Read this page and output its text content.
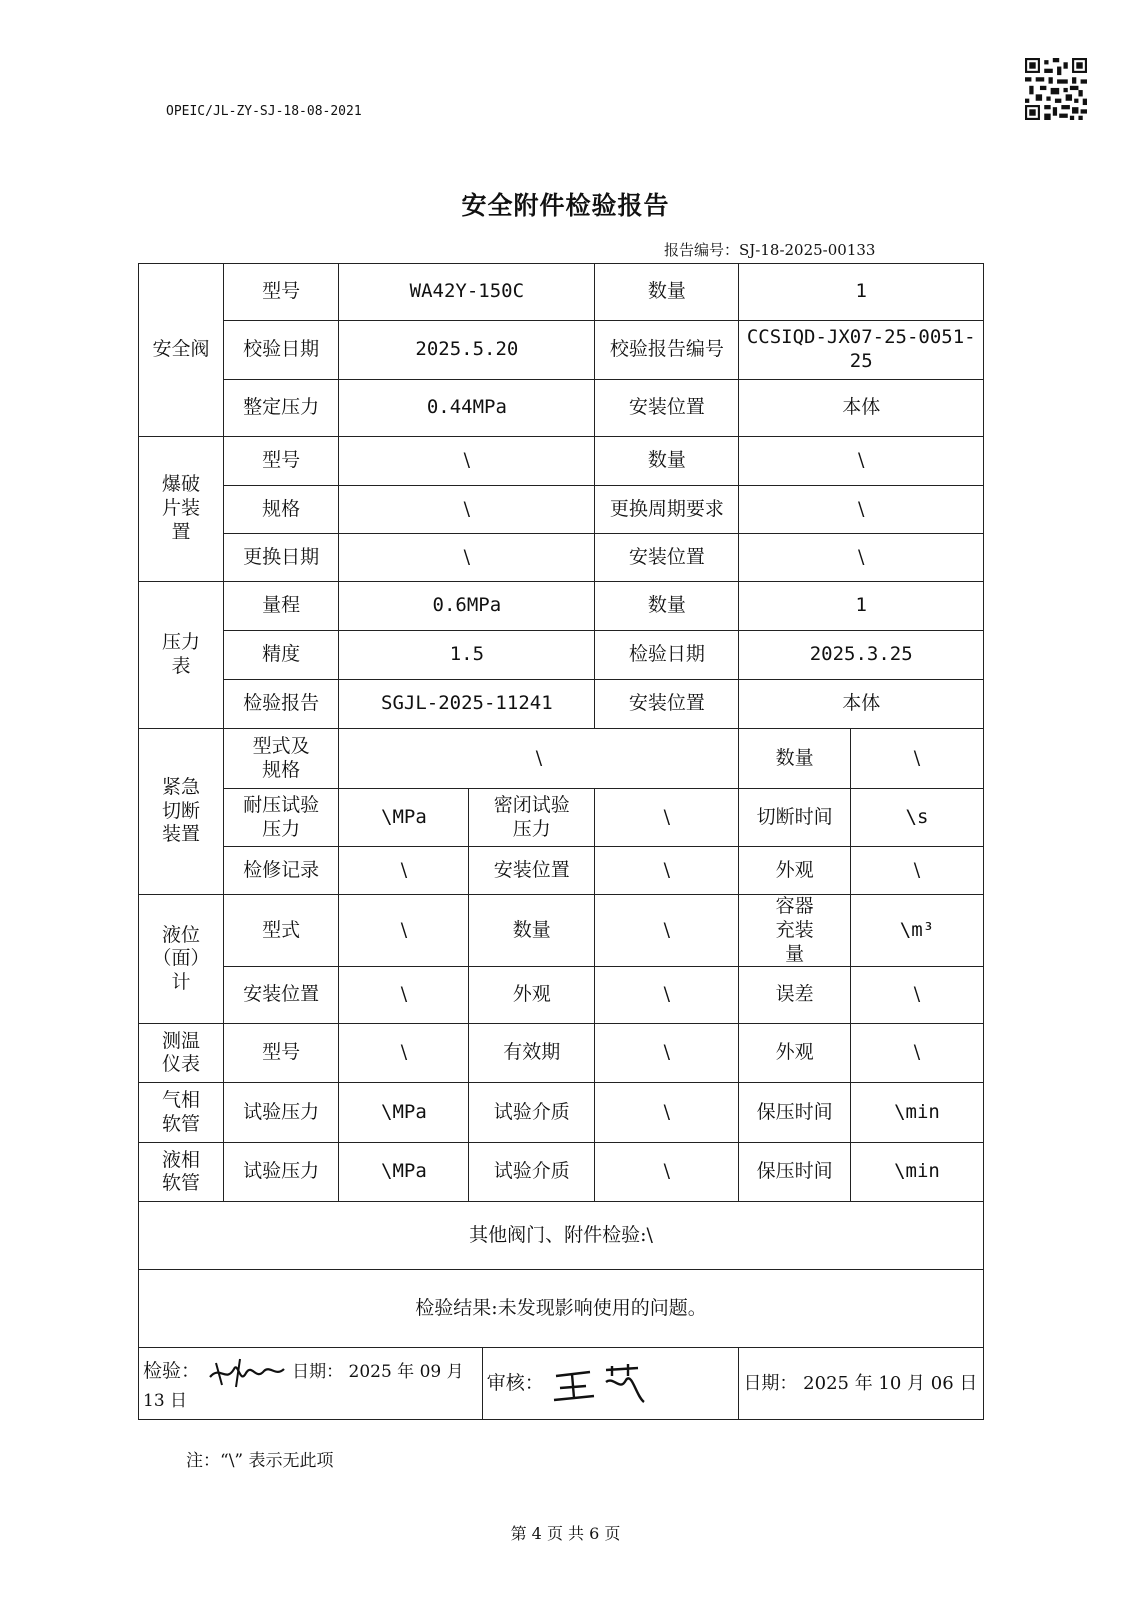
OPEIC/JL-ZY-SJ-18-08-2021
安全附件检验报告
报告编号：SJ-18-2025-00133
安全阀	型号	WA42Y-150C			数量	1	
	校验日期	2025.5.20			校验报告编号	CCSIQD-JX07-25-0051-25	
	整定压力	0.44MPa			安装位置	本体	
爆破片装置	型号	\			数量	\	
	规格	\			更换周期要求	\	
	更换日期	\			安装位置	\	
压力表	量程	0.6MPa			数量	1	
	精度	1.5			检验日期	2025.3.25	
	检验报告	SGJL-2025-11241			安装位置	本体	
紧急切断装置	型式及规格	\				数量	\
	耐压试验压力	\MPa	密闭试验压力		\	切断时间	\s
	检修记录	\	安装位置		\	外观	\
液位（面）计	型式	\	数量		\	容器充装量	\m³
	安装位置	\	外观		\	误差	\
测温仪表	型号	\	有效期		\	外观	\
气相软管	试验压力	\MPa	试验介质		\	保压时间	\min
液相软管	试验压力	\MPa	试验介质		\	保压时间	\min
其他阀门、附件检验:\							
检验结果:未发现影响使用的问题。							
检验： 日期： 2025 年 09 月 13 日				审核：		日期： 2025 年 10 月 06 日	
注：“\” 表示无此项
第 4 页 共 6 页
